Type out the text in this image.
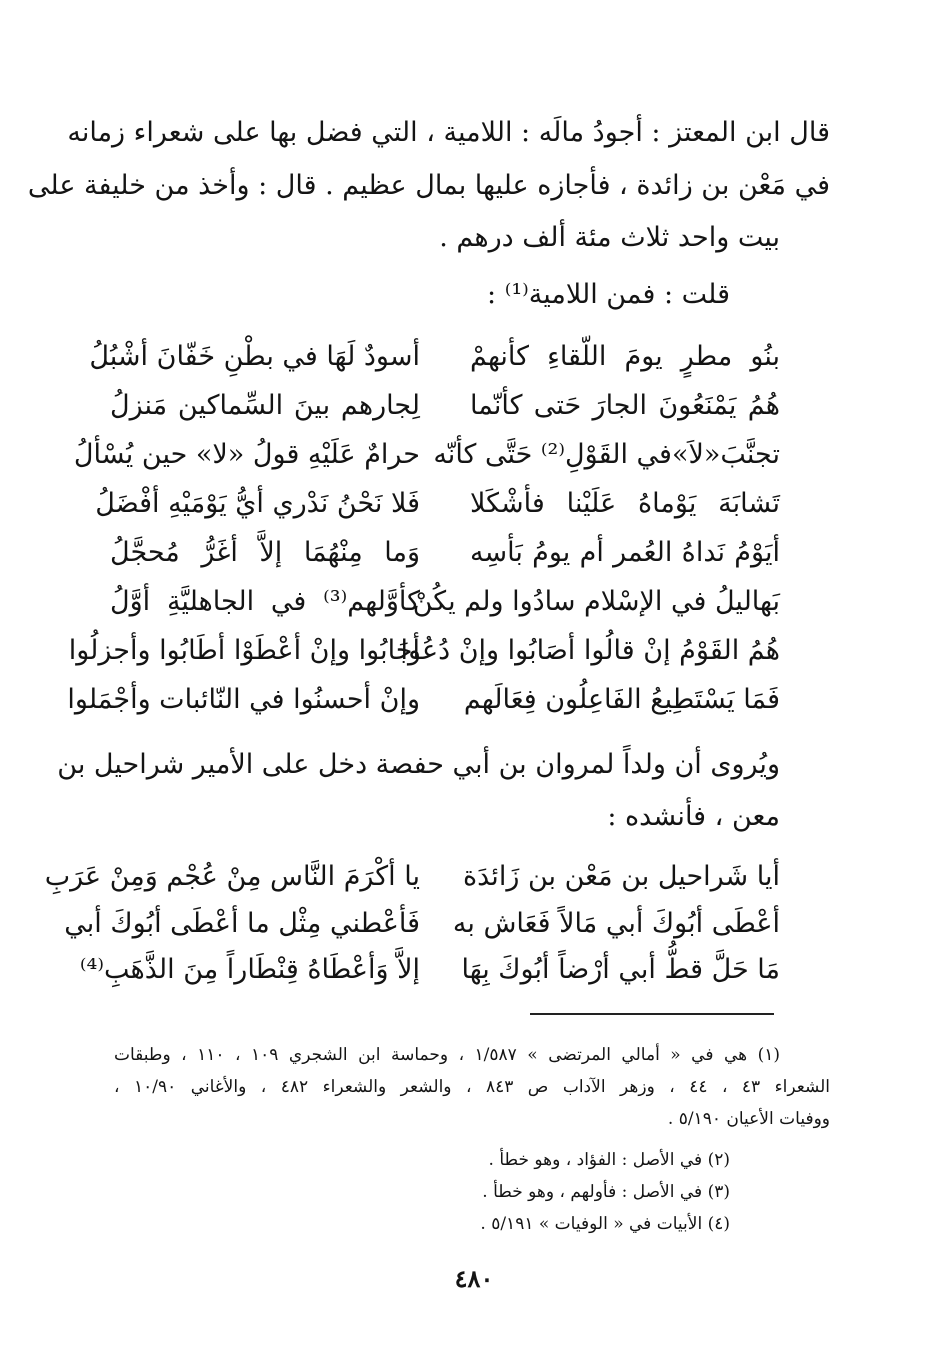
قال ابن المعتز : أجودُ مالَه : اللامية ، التي فضل بها على شعراء زمانه
في مَعْن بن زائدة ، فأجازه عليها بمال عظيم . قال : وأخذ من خليفة على
بيت واحد ثلاث مئة ألف درهم .
قلت : فمن اللامية⁽¹⁾ :
بنُو مطرٍ يومَ اللّقاءِ كأنهمْ
أسودٌ لَهَا في بطْنِ خَفّانَ أشْبُلُ
هُمُ يَمْنَعُونَ الجارَ حَتى كأنّما
لِجارهم بينَ السِّماكين مَنزلُ
تجنَّبَ«لاَ»في القَوْلِ⁽²⁾ حَتَّى كأنّه
حرامٌ عَلَيْهِ قولُ «لا» حين يُسْألُ
تَشابَهَ يَوْماهُ عَلَيْنا فأشْكَلا
فَلا نَحْنُ نَدْري أيُّ يَوْمَيْهِ أفْضَلُ
أيَوْمُ نَداهُ العُمر أم يومُ بَأسِه
وَما مِنْهُمَا إلاَّ أغَرُّ مُحجَّلُ
بَهاليلُ في الإسْلام سادُوا ولم يكُنْ
كأوَّلهم⁽³⁾ في الجاهليَّةِ أوَّلُ
هُمُ القَوْمُ إنْ قالُوا أصَابُوا وإنْ دُعُوا
أجَابُوا وإنْ أعْطَوْا أطَابُوا وأجزلُوا
فَمَا يَسْتَطِيعُ الفَاعِلُون فِعَالَهم
وإنْ أحسنُوا في النّائبات وأجْمَلوا
ويُروى أن ولداً لمروان بن أبي حفصة دخل على الأمير شراحيل بن
معن ، فأنشده :
أيا شَراحيل بن مَعْن بن زَائدَة
يا أكْرَمَ النَّاس مِنْ عُجْم وَمِنْ عَرَبِ
أعْطَى أبُوكَ أبي مَالاً فَعَاش به
فَأعْطني مِثْل ما أعْطَى أبُوكَ أبي
مَا حَلَّ قطُّ أبي أرْضاً أبُوكَ بِهَا
إلاَّ وَأعْطَاهُ قِنْطَاراً مِنَ الذَّهَبِ⁽⁴⁾
(١) هي في « أمالي المرتضى » ١/٥٨٧ ، وحماسة ابن الشجري ١٠٩ ، ١١٠ ، وطبقات
الشعراء ٤٣ ، ٤٤ ، وزهر الآداب ص ٨٤٣ ، والشعر والشعراء ٤٨٢ ، والأغاني ١٠/٩٠ ،
ووفيات الأعيان ٥/١٩٠ .
(٢) في الأصل : الفؤاد ، وهو خطأ .
(٣) في الأصل : فأولهم ، وهو خطأ .
(٤) الأبيات في « الوفيات » ٥/١٩١ .
٤٨٠
